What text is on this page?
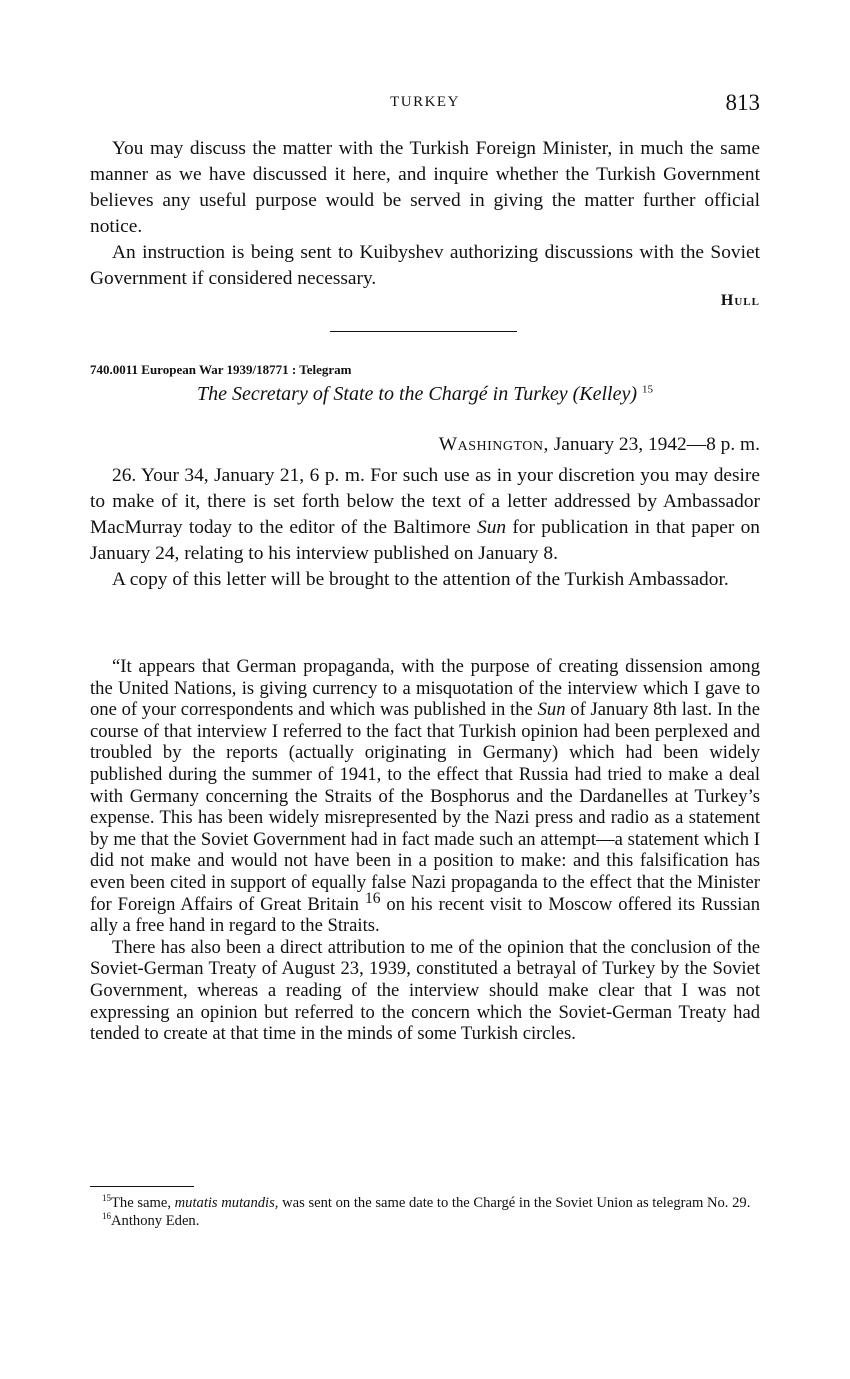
TURKEY	813

You may discuss the matter with the Turkish Foreign Minister, in much the same manner as we have discussed it here, and inquire whether the Turkish Government believes any useful purpose would be served in giving the matter further official notice.

An instruction is being sent to Kuibyshev authorizing discussions with the Soviet Government if considered necessary.

Hull
740.0011 European War 1939/18771 : Telegram
The Secretary of State to the Chargé in Turkey (Kelley) $^{15}$
Washington, January 23, 1942—8 p. m.

26. Your 34, January 21, 6 p. m. For such use as in your discretion you may desire to make of it, there is set forth below the text of a letter addressed by Ambassador MacMurray today to the editor of the Baltimore Sun for publication in that paper on January 24, relating to his interview published on January 8.

A copy of this letter will be brought to the attention of the Turkish Ambassador.

“It appears that German propaganda, with the purpose of creating dissension among the United Nations, is giving currency to a misquotation of the interview which I gave to one of your correspondents and which was published in the Sun of January 8th last. In the course of that interview I referred to the fact that Turkish opinion had been perplexed and troubled by the reports (actually originating in Germany) which had been widely published during the summer of 1941, to the effect that Russia had tried to make a deal with Germany concerning the Straits of the Bosphorus and the Dardanelles at Turkey’s expense. This has been widely misrepresented by the Nazi press and radio as a statement by me that the Soviet Government had in fact made such an attempt—a statement which I did not make and would not have been in a position to make: and this falsification has even been cited in support of equally false Nazi propaganda to the effect that the Minister for Foreign Affairs of Great Britain $^{16}$ on his recent visit to Moscow offered its Russian ally a free hand in regard to the Straits.

There has also been a direct attribution to me of the opinion that the conclusion of the Soviet-German Treaty of August 23, 1939, constituted a betrayal of Turkey by the Soviet Government, whereas a reading of the interview should make clear that I was not expressing an opinion but referred to the concern which the Soviet-German Treaty had tended to create at that time in the minds of some Turkish circles.

$^{15}$The same, mutatis mutandis, was sent on the same date to the Chargé in the Soviet Union as telegram No. 29.

$^{16}$Anthony Eden.
